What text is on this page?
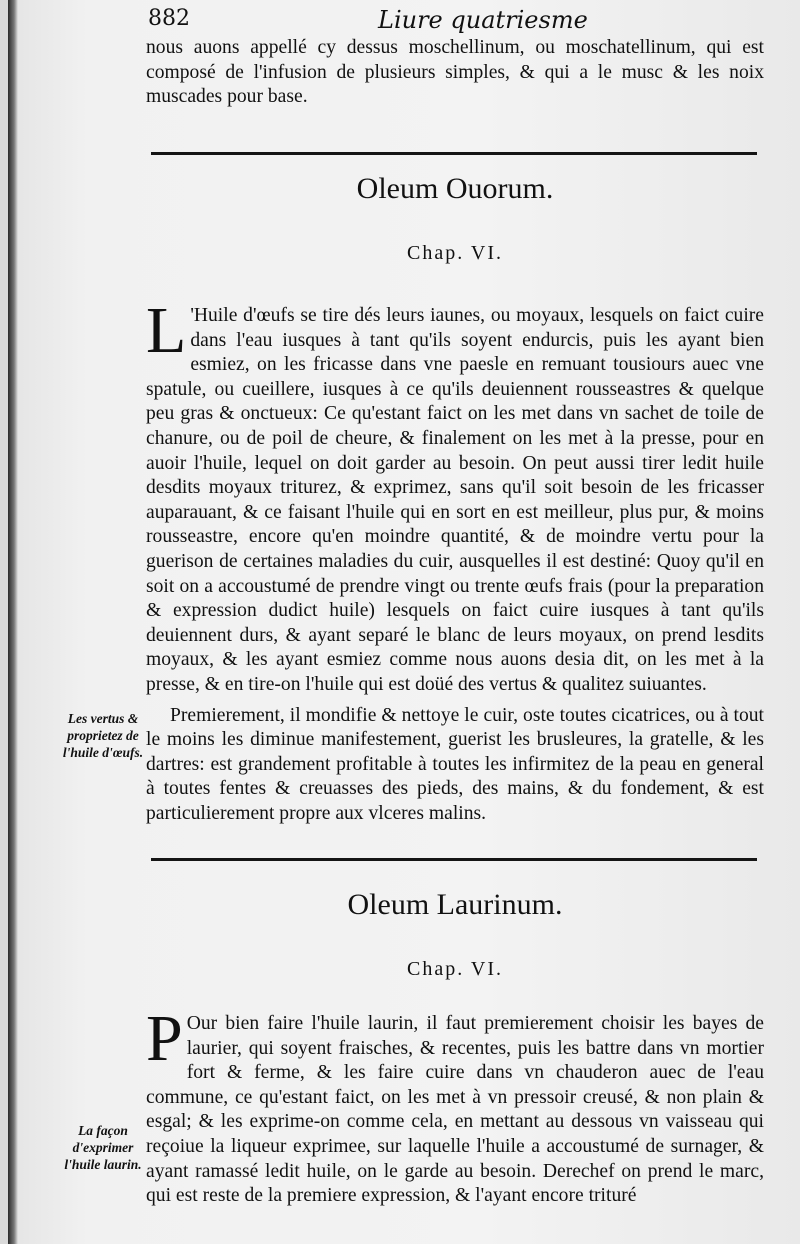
882	Liure quatriesme

nous auons appellé cy dessus moschellinum, ou moschatellinum, qui est composé de l'infusion de plusieurs simples, & qui a le musc & les noix muscades pour base.

Oleum Ouorum.
Chap. VI.

L 'Huile d'œufs se tire dés leurs iaunes, ou moyaux, lesquels on faict cuire dans l'eau iusques à tant qu'ils soyent endurcis, puis les ayant bien esmiez, on les fricasse dans vne paesle en remuant tousiours auec vne spatule, ou cueillere, iusques à ce qu'ils deuiennent rousseastres & quelque peu gras & onctueux: Ce qu'estant faict on les met dans vn sachet de toile de chanure, ou de poil de cheure, & finalement on les met à la presse, pour en auoir l'huile, lequel on doit garder au besoin. On peut aussi tirer ledit huile desdits moyaux triturez, & exprimez, sans qu'il soit besoin de les fricasser auparauant, & ce faisant l'huile qui en sort en est meilleur, plus pur, & moins rousseastre, encore qu'en moindre quantité, & de moindre vertu pour la guerison de certaines maladies du cuir, ausquelles il est destiné: Quoy qu'il en soit on a accoustumé de prendre vingt ou trente œufs frais (pour la preparation & expression dudict huile) lesquels on faict cuire iusques à tant qu'ils deuiennent durs, & ayant separé le blanc de leurs moyaux, on prend lesdits moyaux, & les ayant esmiez comme nous auons desia dit, on les met à la presse, & en tire-on l'huile qui est doüé des vertus & qualitez suiuantes.

Premierement, il mondifie & nettoye le cuir, oste toutes cicatrices, ou à tout le moins les diminue manifestement, guerist les brusleures, la gratelle, & les dartres: est grandement profitable à toutes les infirmitez de la peau en general à toutes fentes & creuasses des pieds, des mains, & du fondement, & est particulierement propre aux vlceres malins.

Les vertus & proprietez de l'huile d'œufs.
Oleum Laurinum.
Chap. VI.

P Our bien faire l'huile laurin, il faut premierement choisir les bayes de laurier, qui soyent fraisches, & recentes, puis les battre dans vn mortier fort & ferme, & les faire cuire dans vn chauderon auec de l'eau commune, ce qu'estant faict, on les met à vn pressoir creusé, & non plain & esgal; & les exprime-on comme cela, en mettant au dessous vn vaisseau qui reçoiue la liqueur exprimee, sur laquelle l'huile a accoustumé de surnager, & ayant ramassé ledit huile, on le garde au besoin. Derechef on prend le marc, qui est reste de la premiere expression, & l'ayant encore trituré

La façon d'exprimer l'huile laurin.
